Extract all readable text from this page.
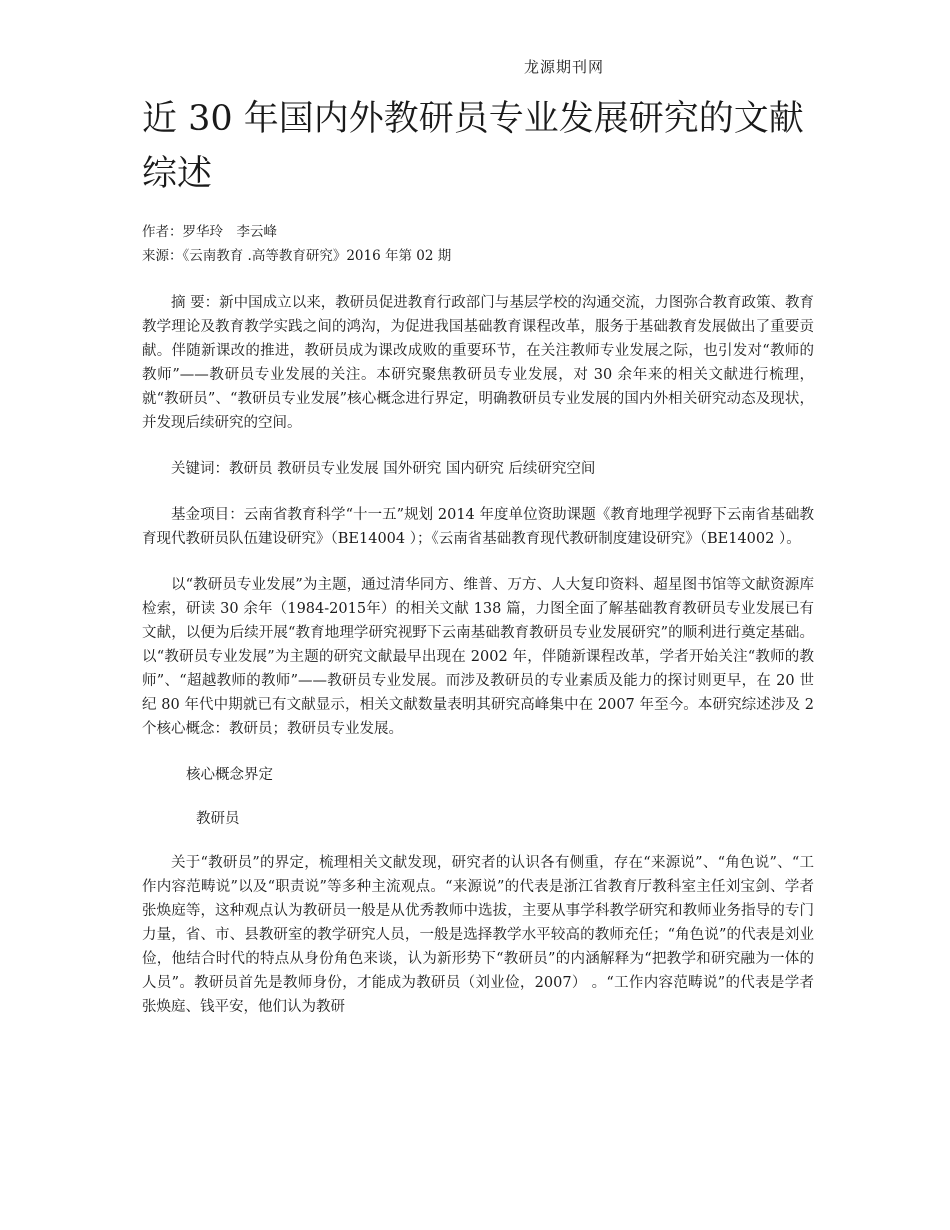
龙源期刊网
近 30 年国内外教研员专业发展研究的文献综述
作者：罗华玲　李云峰
来源：《云南教育 .高等教育研究》2016 年第 02 期

摘 要：新中国成立以来，教研员促进教育行政部门与基层学校的沟通交流，力图弥合教育政策、教育教学理论及教育教学实践之间的鸿沟，为促进我国基础教育课程改革，服务于基础教育发展做出了重要贡献。伴随新课改的推进，教研员成为课改成败的重要环节，在关注教师专业发展之际，也引发对“教师的教师”——教研员专业发展的关注。本研究聚焦教研员专业发展，对 30 余年来的相关文献进行梳理，就“教研员”、“教研员专业发展”核心概念进行界定，明确教研员专业发展的国内外相关研究动态及现状，并发现后续研究的空间。

关键词：教研员 教研员专业发展 国外研究 国内研究 后续研究空间

基金项目：云南省教育科学“十一五”规划 2014 年度单位资助课题《教育地理学视野下云南省基础教育现代教研员队伍建设研究》（BE14004 ）；《云南省基础教育现代教研制度建设研究》（BE14002 ）。

以“教研员专业发展”为主题，通过清华同方、维普、万方、人大复印资料、超星图书馆等文献资源库检索，研读 30 余年（1984-2015年）的相关文献 138 篇，力图全面了解基础教育教研员专业发展已有文献，以便为后续开展“教育地理学研究视野下云南基础教育教研员专业发展研究”的顺利进行奠定基础。以“教研员专业发展”为主题的研究文献最早出现在 2002 年，伴随新课程改革，学者开始关注“教师的教师”、“超越教师的教师”——教研员专业发展。而涉及教研员的专业素质及能力的探讨则更早，在 20 世纪 80 年代中期就已有文献显示，相关文献数量表明其研究高峰集中在 2007 年至今。本研究综述涉及 2 个核心概念：教研员；教研员专业发展。

核心概念界定
教研员

关于“教研员”的界定，梳理相关文献发现，研究者的认识各有侧重，存在“来源说”、“角色说”、“工作内容范畴说”以及“职责说”等多种主流观点。“来源说”的代表是浙江省教育厅教科室主任刘宝剑、学者张焕庭等，这种观点认为教研员一般是从优秀教师中选拔，主要从事学科教学研究和教师业务指导的专门力量，省、市、县教研室的教学研究人员，一般是选择教学水平较高的教师充任；“角色说”的代表是刘业俭，他结合时代的特点从身份角色来谈，认为新形势下“教研员”的内涵解释为“把教学和研究融为一体的人员”。教研员首先是教师身份，才能成为教研员（刘业俭，2007） 。“工作内容范畴说”的代表是学者张焕庭、钱平安，他们认为教研
